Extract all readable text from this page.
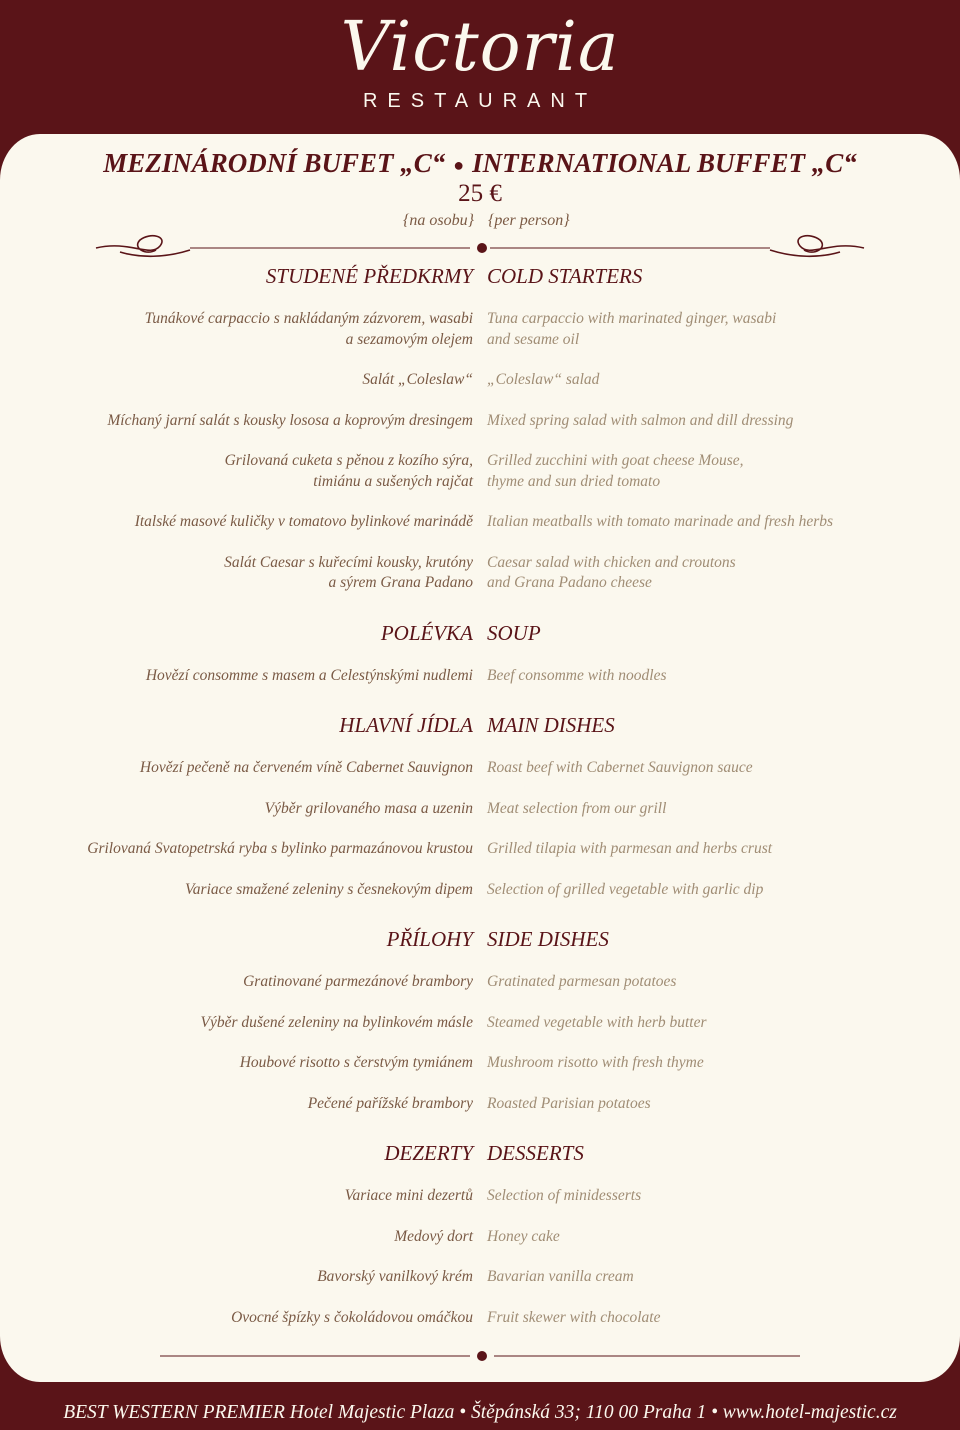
Victoria
RESTAURANT
MEZINÁRODNÍ BUFET „C“ ● INTERNATIONAL BUFFET „C“
25 €
{na osobu} {per person}
STUDENÉ PŘEDKRMY COLD STARTERS
Tunákové carpaccio s nakládaným zázvorem, wasabi
a sezamovým olejem
Tuna carpaccio with marinated ginger, wasabi
and sesame oil
Salát „Coleslaw“ „Coleslaw“ salad
Míchaný jarní salát s kousky lososa a koprovým dresingem Mixed spring salad with salmon and dill dressing
Grilovaná cuketa s pěnou z kozího sýra,
timiánu a sušených rajčat
Grilled zucchini with goat cheese Mouse,
thyme and sun dried tomato
Italské masové kuličky v tomatovo bylinkové marinádě Italian meatballs with tomato marinade and fresh herbs
Salát Caesar s kuřecími kousky, krutóny
a sýrem Grana Padano
Caesar salad with chicken and croutons
and Grana Padano cheese
POLÉVKA SOUP
Hovězí consomme s masem a Celestýnskými nudlemi Beef consomme with noodles
HLAVNÍ JÍDLA MAIN DISHES
Hovězí pečeně na červeném víně Cabernet Sauvignon Roast beef with Cabernet Sauvignon sauce
Výběr grilovaného masa a uzenin Meat selection from our grill
Grilovaná Svatopetrská ryba s bylinko parmazánovou krustou Grilled tilapia with parmesan and herbs crust
Variace smažené zeleniny s česnekovým dipem Selection of grilled vegetable with garlic dip
PŘÍLOHY SIDE DISHES
Gratinované parmezánové brambory Gratinated parmesan potatoes
Výběr dušené zeleniny na bylinkovém másle Steamed vegetable with herb butter
Houbové risotto s čerstvým tymiánem Mushroom risotto with fresh thyme
Pečené pařížské brambory Roasted Parisian potatoes
DEZERTY DESSERTS
Variace mini dezertů Selection of minidesserts
Medový dort Honey cake
Bavorský vanilkový krém Bavarian vanilla cream
Ovocné špízky s čokoládovou omáčkou Fruit skewer with chocolate
BEST WESTERN PREMIER Hotel Majestic Plaza • Štěpánská 33; 110 00 Praha 1 • www.hotel-majestic.cz
